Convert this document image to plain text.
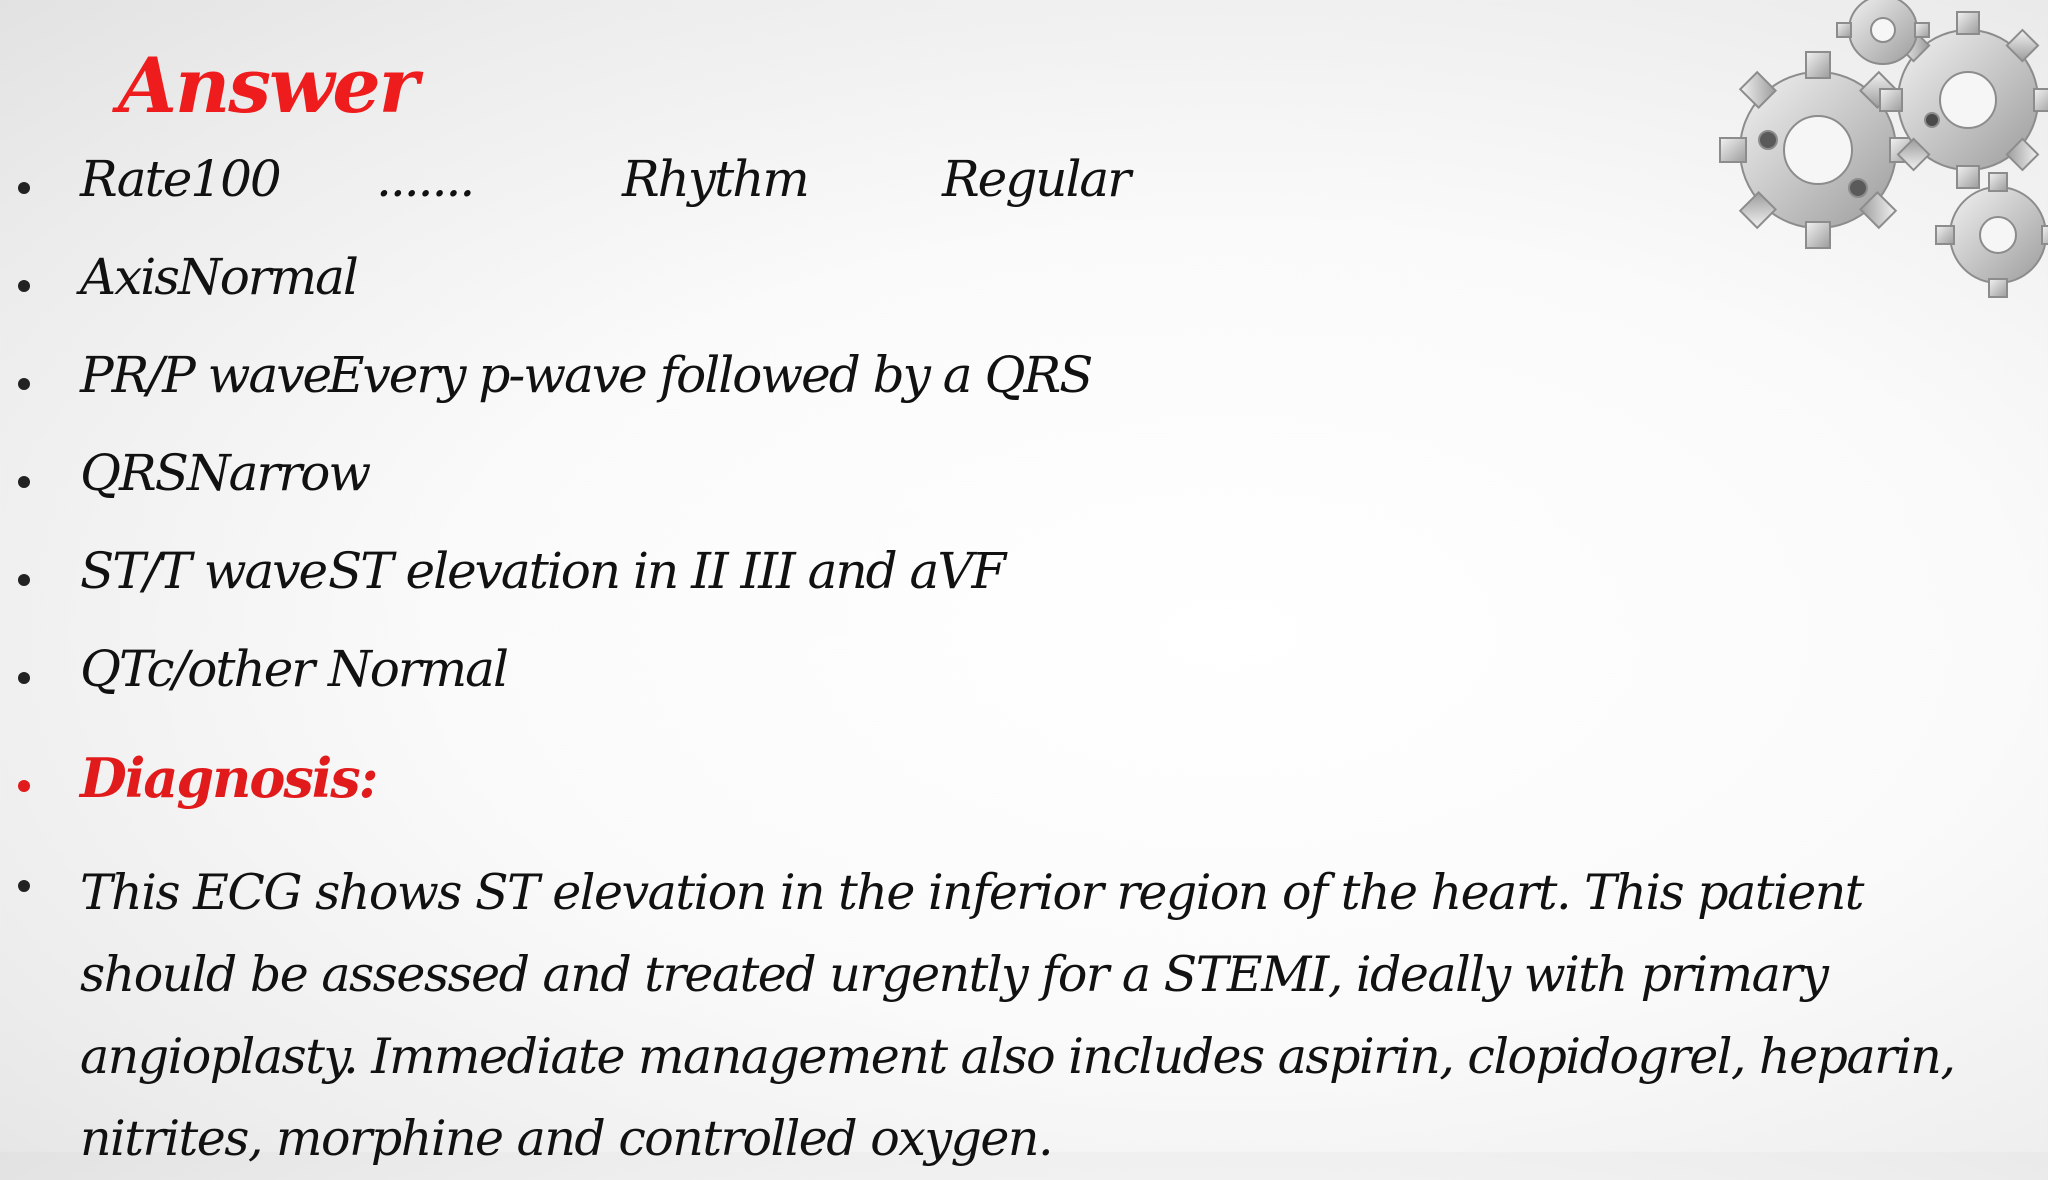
Answer
Rate100 .......	Rhythm	Regular
AxisNormal
PR/P wave
Every p-wave followed by a QRS
QRSNarrow
ST/T wave ST elevation in II III and aVF
QTc/other Normal
Diagnosis:

This ECG shows ST elevation in the inferior region of the heart. This patient should be assessed and treated urgently for a STEMI, ideally with primary angioplasty. Immediate management also includes aspirin, clopidogrel, heparin, nitrites, morphine and controlled oxygen.
